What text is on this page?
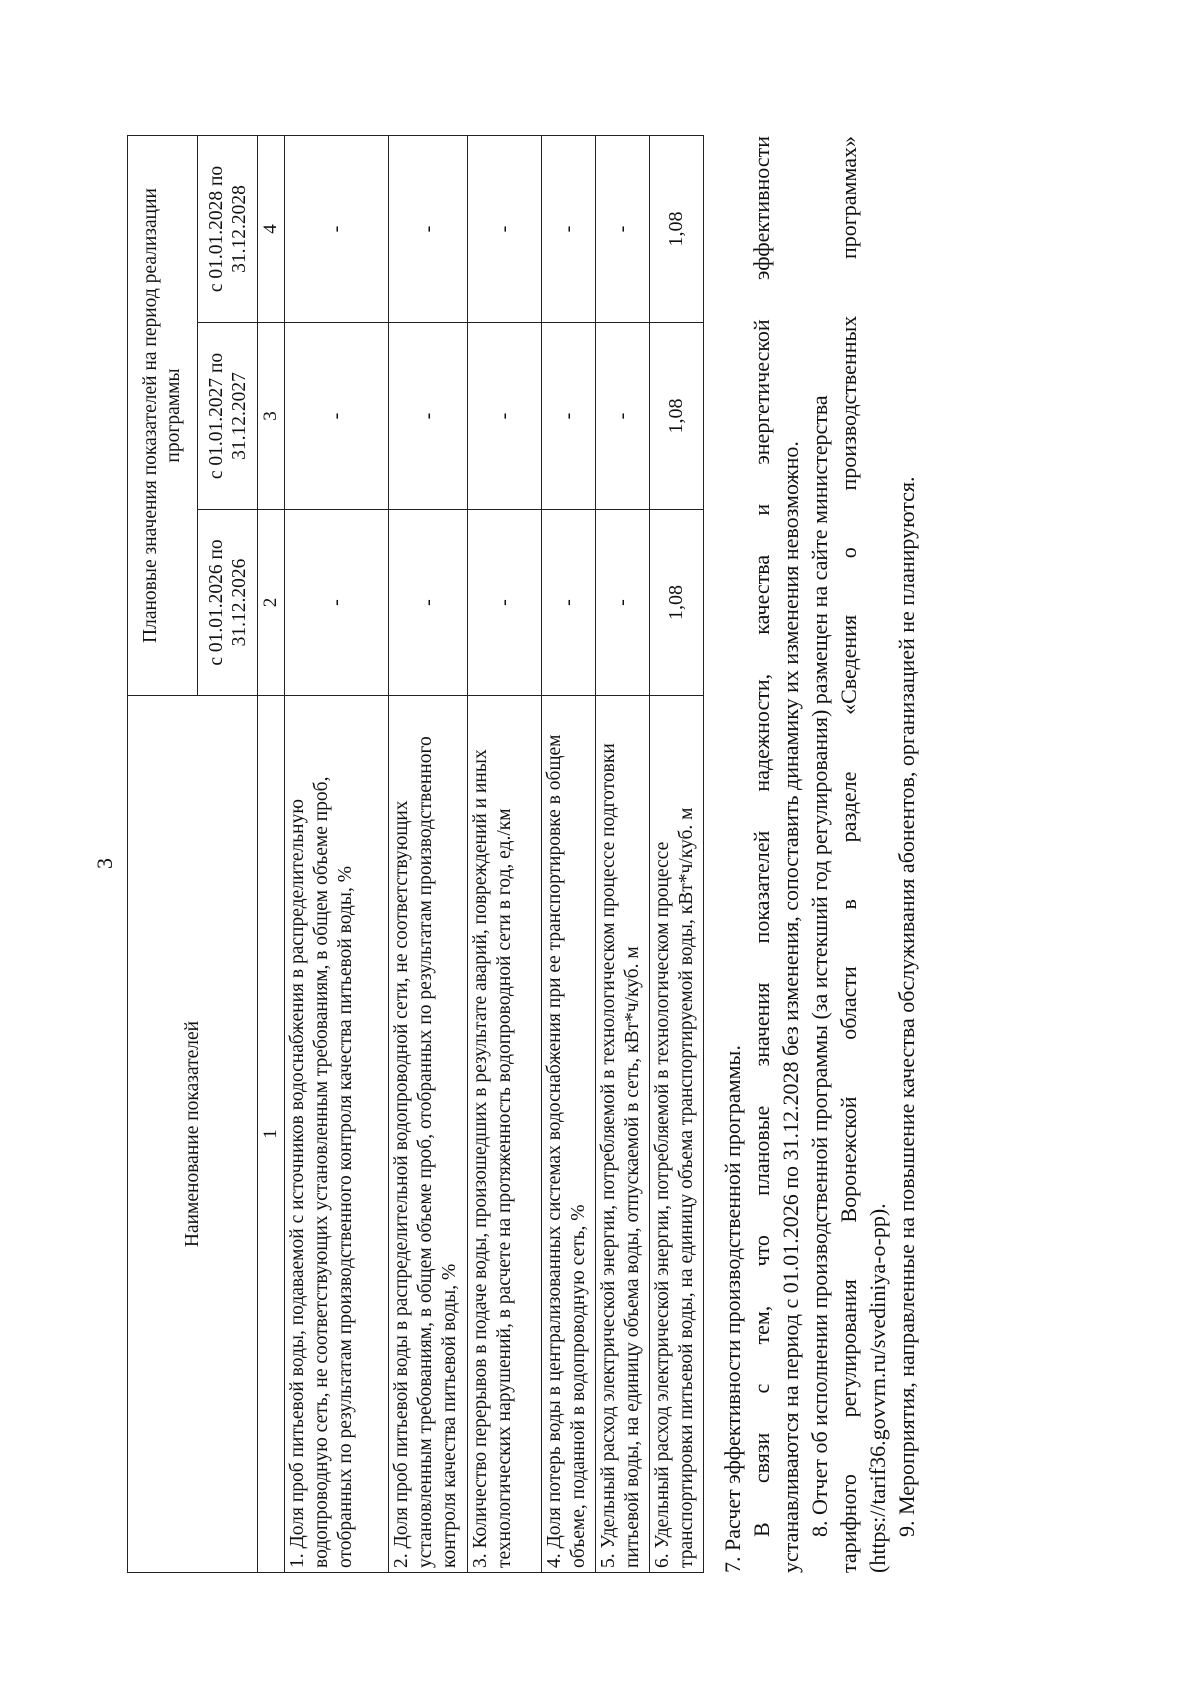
3
Наименование показателей	Плановые значения показателей на период реализации программы		
	с 01.01.2026 по 31.12.2026	с 01.01.2027 по 31.12.2027	с 01.01.2028 по 31.12.2028
1	2	3	4
1. Доля проб питьевой воды, подаваемой с источников водоснабжения в распределительную водопроводную сеть, не соответствующих установленным требованиям, в общем объеме проб, отобранных по результатам производственного контроля качества питьевой воды, %	-	-	-
2. Доля проб питьевой воды в распределительной водопроводной сети, не соответствующих установленным требованиям, в общем объеме проб, отобранных по результатам производственного контроля качества питьевой воды, %	-	-	-
3. Количество перерывов в подаче воды, произошедших в результате аварий, повреждений и иных технологических нарушений, в расчете на протяженность водопроводной сети в год, ед./км	-	-	-
4. Доля потерь воды в централизованных системах водоснабжения при ее транспортировке в общем объеме, поданной в водопроводную сеть, %	-	-	-
5. Удельный расход электрической энергии, потребляемой в технологическом процессе подготовки питьевой воды, на единицу объема воды, отпускаемой в сеть, кВт*ч/куб. м	-	-	-
6. Удельный расход электрической энергии, потребляемой в технологическом процессе транспортировки питьевой воды, на единицу объема транспортируемой воды, кВт*ч/куб. м	1,08	1,08	1,08

7. Расчет эффективности производственной программы. В связи с тем, что плановые значения показателей надежности, качества и энергетической эффективности устанавливаются на период с 01.01.2026 по 31.12.2028 без изменения, сопоставить динамику их изменения невозможно. 8. Отчет об исполнении производственной программы (за истекший год регулирования) размещен на сайте министерства тарифного регулирования Воронежской области в разделе «Сведения о производственных программах» (https://tarif36.govvrn.ru/svediniya-o-pp). 9. Мероприятия, направленные на повышение качества обслуживания абонентов, организацией не планируются.
